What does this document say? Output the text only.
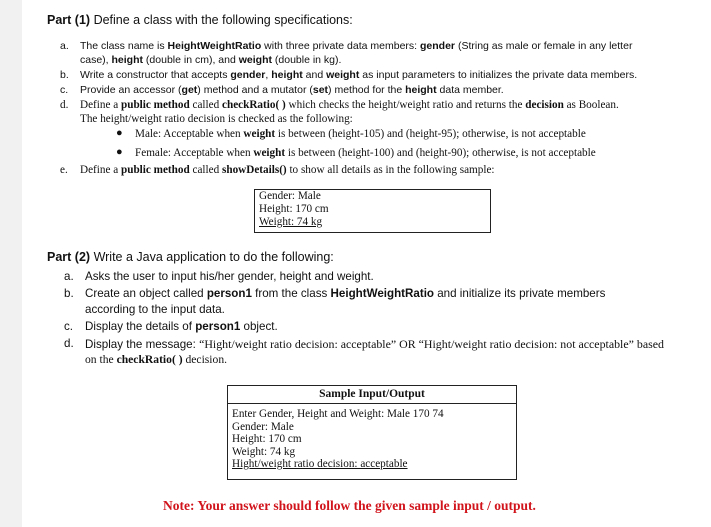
Part (1) Define a class with the following specifications:
a. The class name is HeightWeightRatio with three private data members: gender (String as male or female in any letter
case), height (double in cm), and weight (double in kg).
b. Write a constructor that accepts gender, height and weight as input parameters to initializes the private data members.
c. Provide an accessor (get) method and a mutator (set) method for the height data member.
d. Define a public method called checkRatio( ) which checks the height/weight ratio and returns the decision as Boolean.
The height/weight ratio decision is checked as the following:
● Male: Acceptable when weight is between (height-105) and (height-95); otherwise, is not acceptable
● Female: Acceptable when weight is between (height-100) and (height-90); otherwise, is not acceptable
e. Define a public method called showDetails() to show all details as in the following sample:
Gender: Male
Height: 170 cm
Weight: 74 kg
Part (2) Write a Java application to do the following:
a. Asks the user to input his/her gender, height and weight.
b. Create an object called person1 from the class HeightWeightRatio and initialize its private members
according to the input data.
c. Display the details of person1 object.
d. Display the message: “Hight/weight ratio decision: acceptable” OR “Hight/weight ratio decision: not acceptable” based
on the checkRatio( ) decision.
Sample Input/Output
Enter Gender, Height and Weight: Male 170 74
Gender: Male
Height: 170 cm
Weight: 74 kg
Hight/weight ratio decision: acceptable
Note: Your answer should follow the given sample input / output.
